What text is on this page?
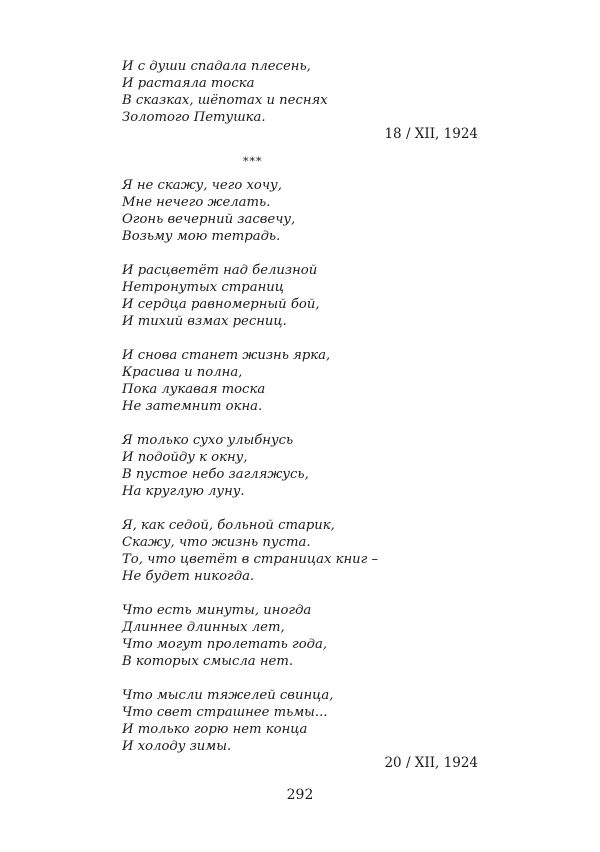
И с души спадала плесень,
И растаяла тоска
В сказках, шёпотах и песнях
Золотого Петушка.
18 / XII, 1924
***
Я не скажу, чего хочу,
Мне нечего желать.
Огонь вечерний засвечу,
Возьму мою тетрадь.
И расцветёт над белизной
Нетронутых страниц
И сердца равномерный бой,
И тихий взмах ресниц.
И снова станет жизнь ярка,
Красива и полна,
Пока лукавая тоска
Не затемнит окна.
Я только сухо улыбнусь
И подойду к окну,
В пустое небо загляжусь,
На круглую луну.
Я, как седой, больной старик,
Скажу, что жизнь пуста.
То, что цветёт в страницах книг –
Не будет никогда.
Что есть минуты, иногда
Длиннее длинных лет,
Что могут пролетать года,
В которых смысла нет.
Что мысли тяжелей свинца,
Что свет страшнее тьмы...
И только горю нет конца
И холоду зимы.
20 / XII, 1924
292
